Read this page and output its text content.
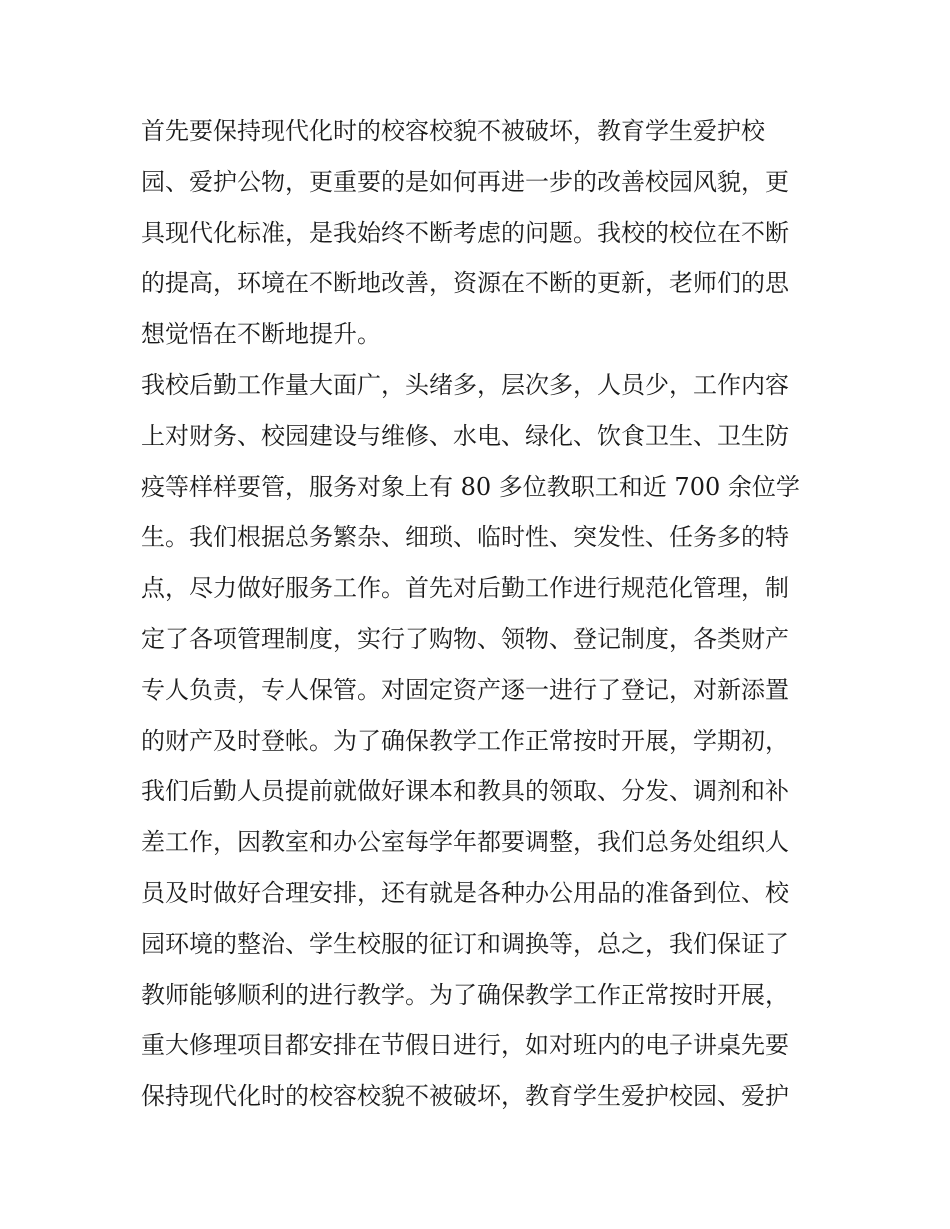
首先要保持现代化时的校容校貌不被破坏，教育学生爱护校
园、爱护公物，更重要的是如何再进一步的改善校园风貌，更
具现代化标准，是我始终不断考虑的问题。我校的校位在不断
的提高，环境在不断地改善，资源在不断的更新，老师们的思
想觉悟在不断地提升。
我校后勤工作量大面广，头绪多，层次多，人员少，工作内容
上对财务、校园建设与维修、水电、绿化、饮食卫生、卫生防
疫等样样要管，服务对象上有 80 多位教职工和近 700 余位学
生。我们根据总务繁杂、细琐、临时性、突发性、任务多的特
点，尽力做好服务工作。首先对后勤工作进行规范化管理，制
定了各项管理制度，实行了购物、领物、登记制度，各类财产
专人负责，专人保管。对固定资产逐一进行了登记，对新添置
的财产及时登帐。为了确保教学工作正常按时开展，学期初，
我们后勤人员提前就做好课本和教具的领取、分发、调剂和补
差工作，因教室和办公室每学年都要调整，我们总务处组织人
员及时做好合理安排，还有就是各种办公用品的准备到位、校
园环境的整治、学生校服的征订和调换等，总之，我们保证了
教师能够顺利的进行教学。为了确保教学工作正常按时开展，
重大修理项目都安排在节假日进行，如对班内的电子讲桌先要
保持现代化时的校容校貌不被破坏，教育学生爱护校园、爱护
